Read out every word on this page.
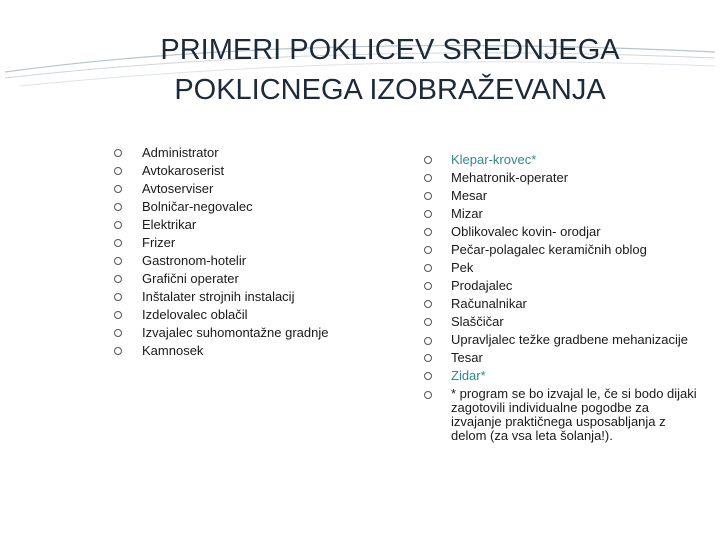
PRIMERI POKLICEV SREDNJEGA
POKLICNEGA IZOBRAŽEVANJA
Administrator
Avtokaroserist
Avtoserviser
Bolničar-negovalec
Elektrikar
Frizer
Gastronom-hotelir
Grafični operater
Inštalater strojnih instalacij
Izdelovalec oblačil
Izvajalec suhomontažne gradnje
Kamnosek
Klepar-krovec*
Mehatronik-operater
Mesar
Mizar
Oblikovalec kovin- orodjar
Pečar-polagalec keramičnih oblog
Pek
Prodajalec
Računalnikar
Slaščičar
Upravljalec težke gradbene mehanizacije
Tesar
Zidar*
* program se bo izvajal le, če si bodo dijaki zagotovili individualne pogodbe za izvajanje praktičnega usposabljanja z delom (za vsa leta šolanja!).
